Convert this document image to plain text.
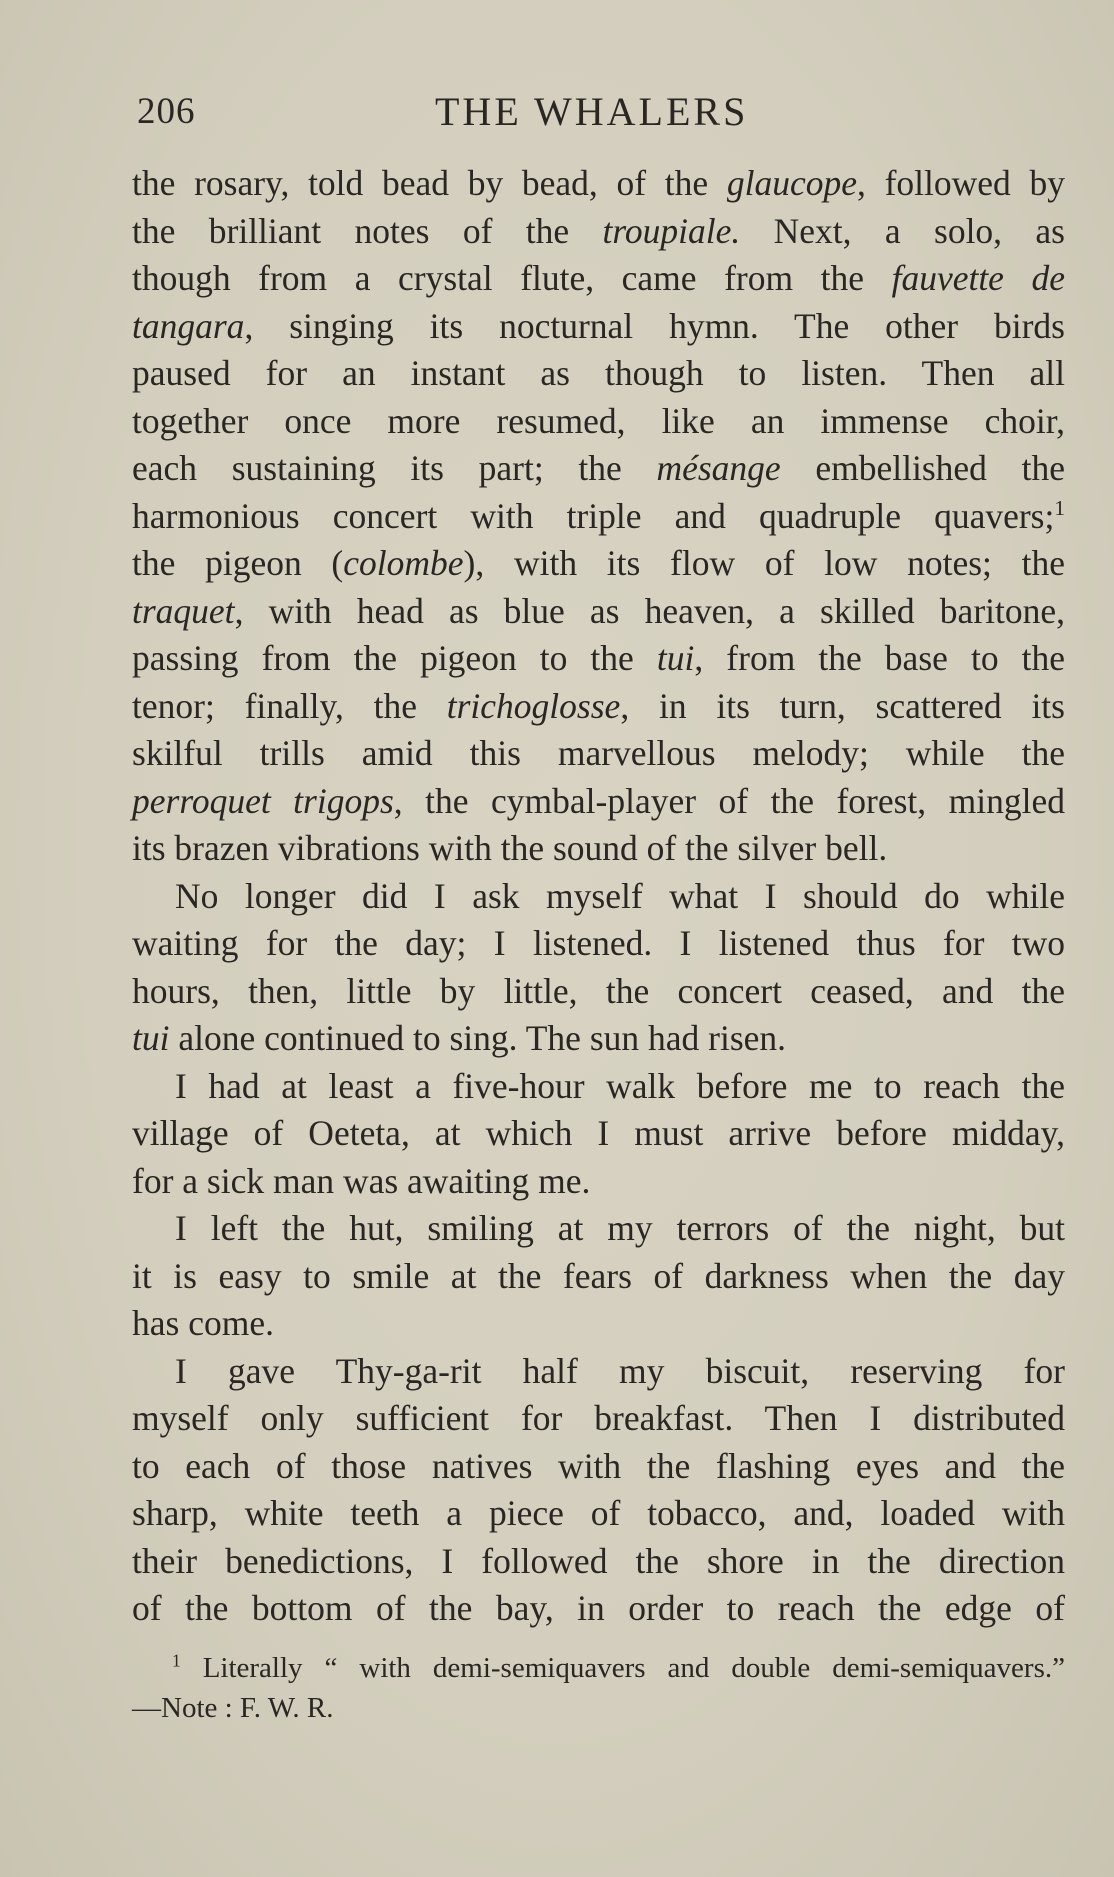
206	THE WHALERS
the rosary, told bead by bead, of the glaucope, followed by
the brilliant notes of the troupiale. Next, a solo, as
though from a crystal flute, came from the fauvette de
tangara, singing its nocturnal hymn. The other birds
paused for an instant as though to listen. Then all
together once more resumed, like an immense choir,
each sustaining its part; the mésange embellished the
harmonious concert with triple and quadruple quavers;$^1$
the pigeon (colombe), with its flow of low notes; the
traquet, with head as blue as heaven, a skilled baritone,
passing from the pigeon to the tui, from the base to the
tenor; finally, the trichoglosse, in its turn, scattered its
skilful trills amid this marvellous melody; while the
perroquet trigops, the cymbal-player of the forest, mingled
its brazen vibrations with the sound of the silver bell.
No longer did I ask myself what I should do while
waiting for the day; I listened. I listened thus for two
hours, then, little by little, the concert ceased, and the
tui alone continued to sing. The sun had risen.
I had at least a five-hour walk before me to reach the
village of Oeteta, at which I must arrive before midday,
for a sick man was awaiting me.
I left the hut, smiling at my terrors of the night, but
it is easy to smile at the fears of darkness when the day
has come.
I gave Thy-ga-rit half my biscuit, reserving for
myself only sufficient for breakfast. Then I distributed
to each of those natives with the flashing eyes and the
sharp, white teeth a piece of tobacco, and, loaded with
their benedictions, I followed the shore in the direction
of the bottom of the bay, in order to reach the edge of
$^1$ Literally “ with demi-semiquavers and double demi-semiquavers.”
—Note : F. W. R.
